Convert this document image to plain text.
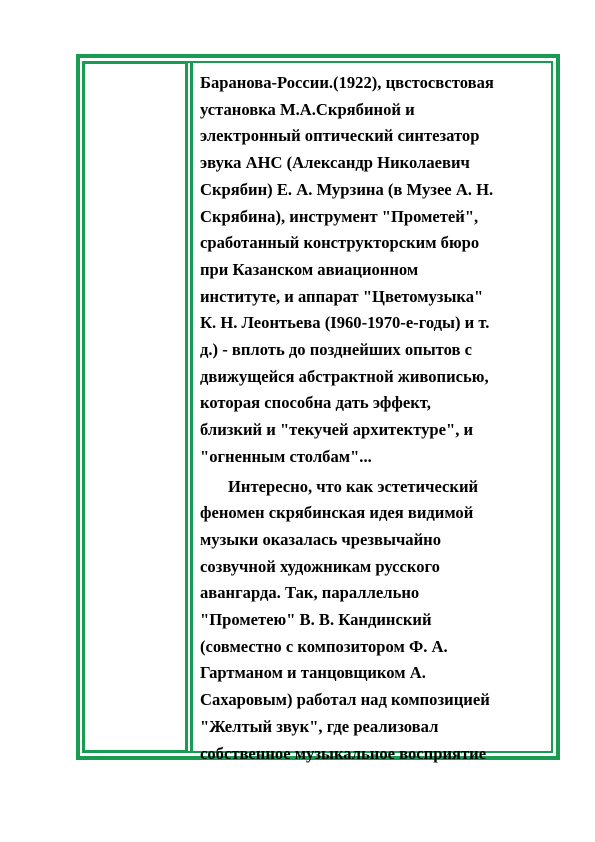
Баранова-России.(1922), цвстосвстовая
установка М.А.Скрябиной и
электронный оптический синтезатор
эвука АНС (Александр Николаевич
Скрябин) Е. А. Мурзина (в Музее А. Н.
Скрябина), инструмент "Прометей",
сработанный конструкторским бюро
при Казанском авиационном
институте, и аппарат "Цветомузыка"
К. Н. Леонтьева (I960-1970-е-годы) и т.
д.) - вплоть до позднейших опытов с
движущейся абстрактной живописью,
которая способна дать эффект,
близкий и "текучей архитектуре", и
"огненным столбам"...

Интересно, что как эстетический
феномен скрябинская идея видимой
музыки оказалась чрезвычайно
созвучной художникам русского
авангарда. Так, параллельно
"Прометею" В. В. Кандинский
(совместно с композитором Ф. А.
Гартманом и танцовщиком А.
Сахаровым) работал над композицией
"Желтый звук", где реализовал
собственное музыкальное восприятие
